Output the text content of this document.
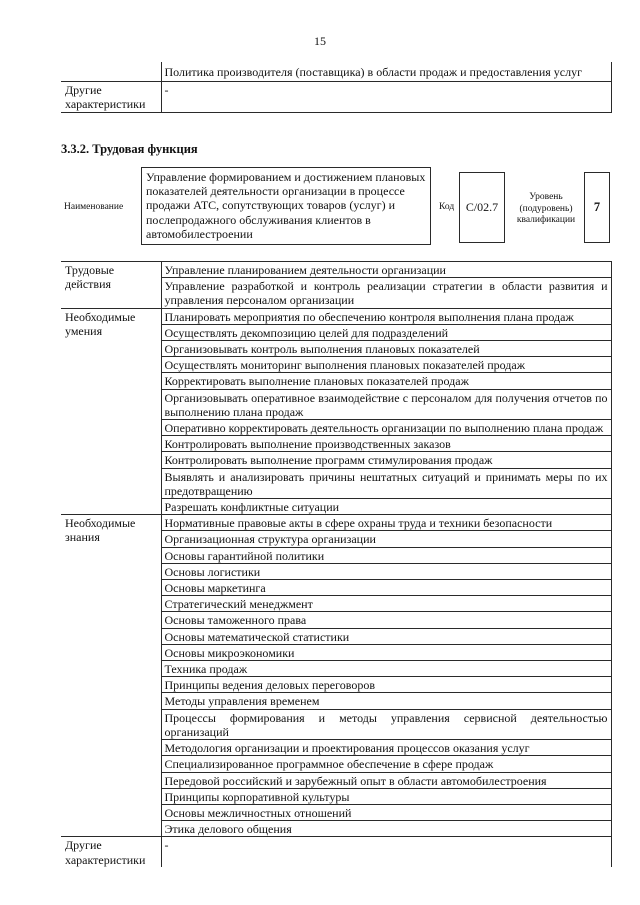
15
	Политика производителя (поставщика) в области продаж и предоставления услуг
Другие характеристики	-
3.3.2. Трудовая функция
Наименование
Управление формированием и достижением плановых показателей деятельности организации в процессе продажи АТС, сопутствующих товаров (услуг) и послепродажного обслуживания клиентов в автомобилестроении
Код C/02.7
Уровень (подуровень) квалификации
7
Трудовые действия	Управление планированием деятельности организации
	Управление разработкой и контроль реализации стратегии в области развития и управления персоналом организации
Необходимые умения	Планировать мероприятия по обеспечению контроля выполнения плана продаж
	Осуществлять декомпозицию целей для подразделений
	Организовывать контроль выполнения плановых показателей
	Осуществлять мониторинг выполнения плановых показателей продаж
	Корректировать выполнение плановых показателей продаж
	Организовывать оперативное взаимодействие с персоналом для получения отчетов по выполнению плана продаж
	Оперативно корректировать деятельность организации по выполнению плана продаж
	Контролировать выполнение производственных заказов
	Контролировать выполнение программ стимулирования продаж
	Выявлять и анализировать причины нештатных ситуаций и принимать меры по их предотвращению
	Разрешать конфликтные ситуации
Необходимые знания	Нормативные правовые акты в сфере охраны труда и техники безопасности
	Организационная структура организации
	Основы гарантийной политики
	Основы логистики
	Основы маркетинга
	Стратегический менеджмент
	Основы таможенного права
	Основы математической статистики
	Основы микроэкономики
	Техника продаж
	Принципы ведения деловых переговоров
	Методы управления временем
	Процессы формирования и методы управления сервисной деятельностью организаций
	Методология организации и проектирования процессов оказания услуг
	Специализированное программное обеспечение в сфере продаж
	Передовой российский и зарубежный опыт в области автомобилестроения
	Принципы корпоративной культуры
	Основы межличностных отношений
	Этика делового общения
Другие характеристики	-
